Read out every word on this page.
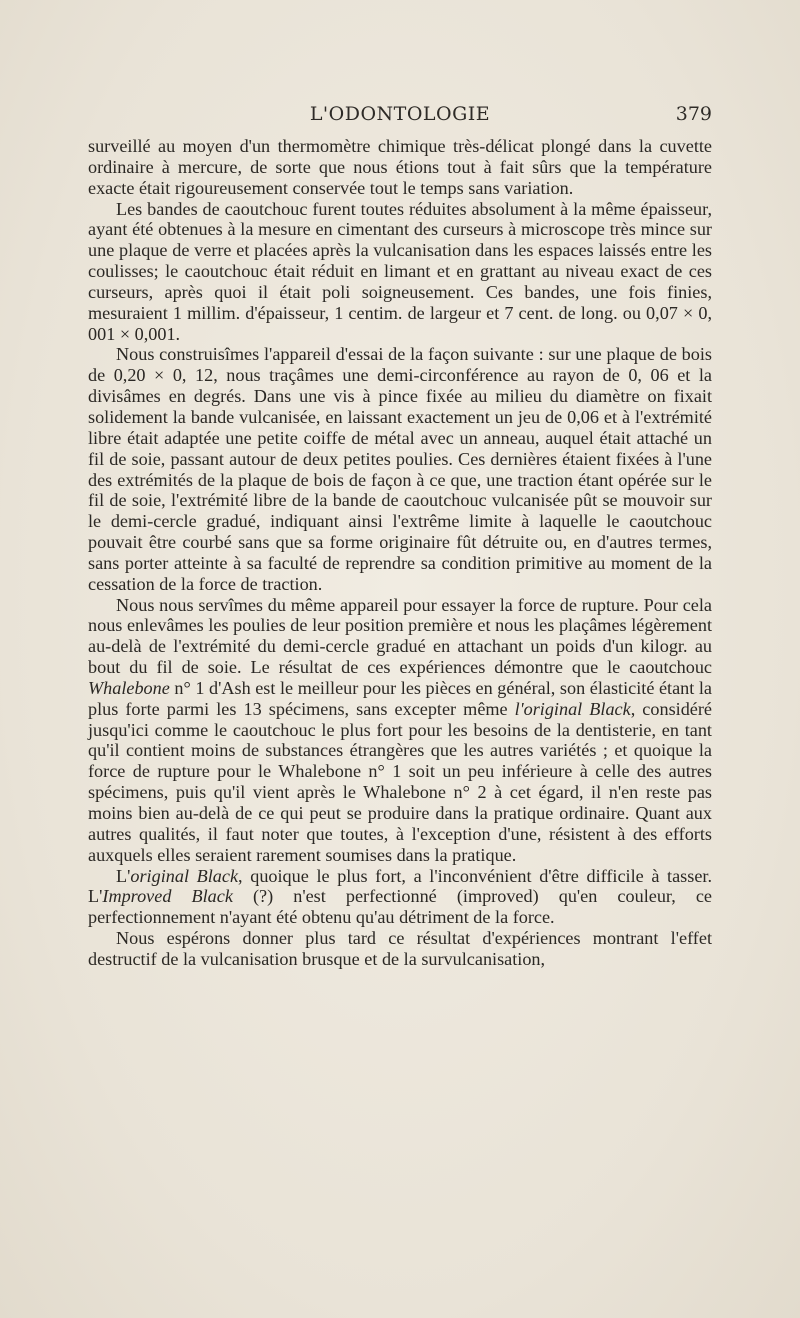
L'ODONTOLOGIE	379

surveillé au moyen d'un thermomètre chimique très-délicat plongé dans la cuvette ordinaire à mercure, de sorte que nous étions tout à fait sûrs que la température exacte était rigoureusement conservée tout le temps sans variation.

Les bandes de caoutchouc furent toutes réduites absolument à la même épaisseur, ayant été obtenues à la mesure en cimentant des curseurs à microscope très mince sur une plaque de verre et placées après la vulcanisation dans les espaces laissés entre les coulisses; le caoutchouc était réduit en limant et en grattant au niveau exact de ces curseurs, après quoi il était poli soigneusement. Ces bandes, une fois finies, mesuraient 1 millim. d'épaisseur, 1 centim. de largeur et 7 cent. de long. ou 0,07 × 0, 001 × 0,001.

Nous construisîmes l'appareil d'essai de la façon suivante : sur une plaque de bois de 0,20 × 0, 12, nous traçâmes une demi-circonférence au rayon de 0, 06 et la divisâmes en degrés. Dans une vis à pince fixée au milieu du diamètre on fixait solidement la bande vulcanisée, en laissant exactement un jeu de 0,06 et à l'extrémité libre était adaptée une petite coiffe de métal avec un anneau, auquel était attaché un fil de soie, passant autour de deux petites poulies. Ces dernières étaient fixées à l'une des extrémités de la plaque de bois de façon à ce que, une traction étant opérée sur le fil de soie, l'extrémité libre de la bande de caoutchouc vulcanisée pût se mouvoir sur le demi-cercle gradué, indiquant ainsi l'extrême limite à laquelle le caoutchouc pouvait être courbé sans que sa forme originaire fût détruite ou, en d'autres termes, sans porter atteinte à sa faculté de reprendre sa condition primitive au moment de la cessation de la force de traction.

Nous nous servîmes du même appareil pour essayer la force de rupture. Pour cela nous enlevâmes les poulies de leur position première et nous les plaçâmes légèrement au-delà de l'extrémité du demi-cercle gradué en attachant un poids d'un kilogr. au bout du fil de soie. Le résultat de ces expériences démontre que le caoutchouc Whalebone n° 1 d'Ash est le meilleur pour les pièces en général, son élasticité étant la plus forte parmi les 13 spécimens, sans excepter même l'original Black, considéré jusqu'ici comme le caoutchouc le plus fort pour les besoins de la dentisterie, en tant qu'il contient moins de substances étrangères que les autres variétés ; et quoique la force de rupture pour le Whalebone n° 1 soit un peu inférieure à celle des autres spécimens, puis qu'il vient après le Whalebone n° 2 à cet égard, il n'en reste pas moins bien au-delà de ce qui peut se produire dans la pratique ordinaire. Quant aux autres qualités, il faut noter que toutes, à l'exception d'une, résistent à des efforts auxquels elles seraient rarement soumises dans la pratique.

L'original Black, quoique le plus fort, a l'inconvénient d'être difficile à tasser. L'Improved Black (?) n'est perfectionné (improved) qu'en couleur, ce perfectionnement n'ayant été obtenu qu'au détriment de la force.

Nous espérons donner plus tard ce résultat d'expériences montrant l'effet destructif de la vulcanisation brusque et de la survulcanisation,
